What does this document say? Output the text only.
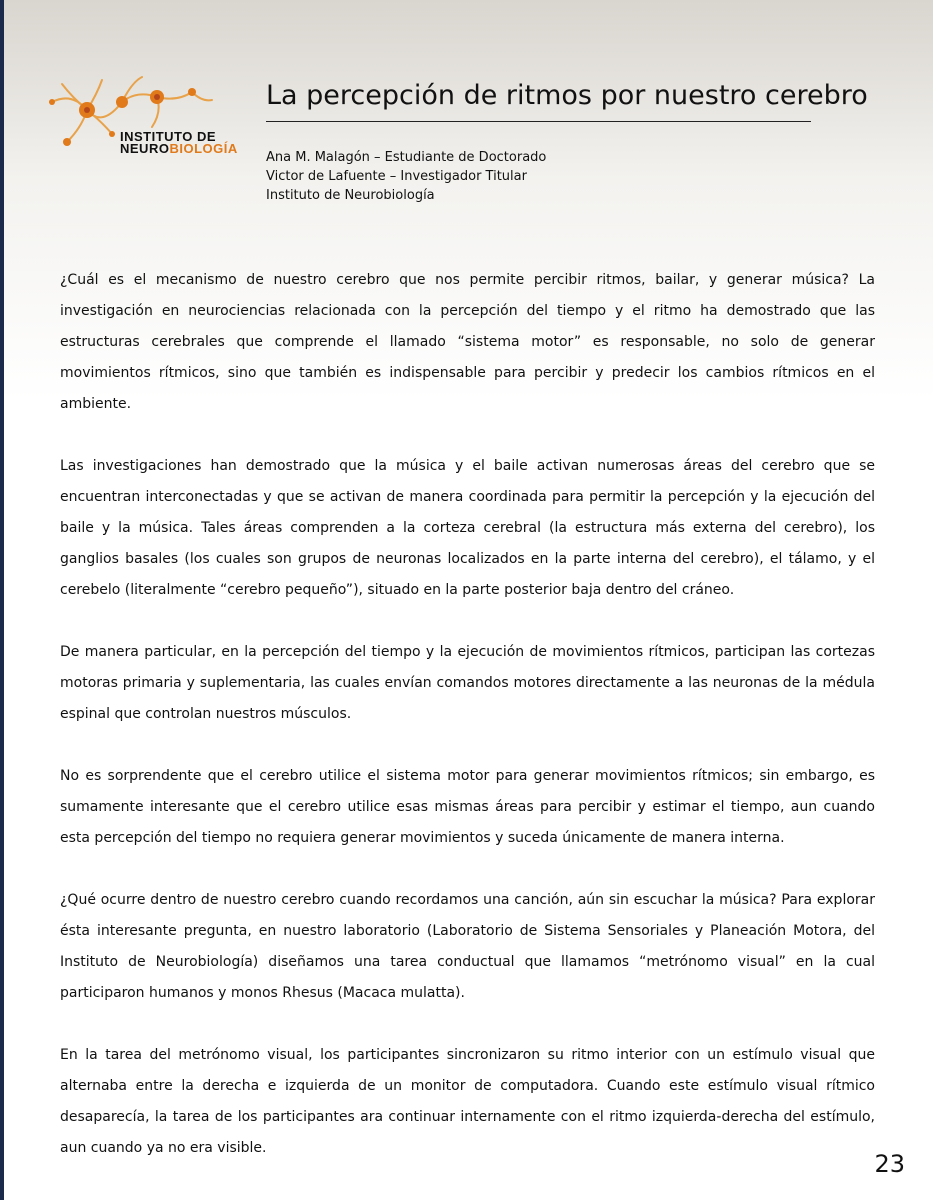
INSTITUTO DE
NEUROBIOLOGÍA
La percepción de ritmos por nuestro cerebro
Ana M. Malagón – Estudiante de Doctorado
Victor de Lafuente – Investigador Titular
Instituto de Neurobiología

¿Cuál es el mecanismo de nuestro cerebro que nos permite percibir ritmos, bailar, y generar música? La investigación en neurociencias relacionada con la percepción del tiempo y el ritmo ha demostrado que las estructuras cerebrales que comprende el llamado “sistema motor” es responsable, no solo de generar movimientos rítmicos, sino que también es indispensable para percibir y predecir los cambios rítmicos en el ambiente.

Las investigaciones han demostrado que la música y el baile activan numerosas áreas del cerebro que se encuentran interconectadas y que se activan de manera coordinada para permitir la percepción y la ejecución del baile y la música. Tales áreas comprenden a la corteza cerebral (la estructura más externa del cerebro), los ganglios basales (los cuales son grupos de neuronas localizados en la parte interna del cerebro), el tálamo, y el cerebelo (literalmente “cerebro pequeño”), situado en la parte posterior baja dentro del cráneo.

De manera particular, en la percepción del tiempo y la ejecución de movimientos rítmicos, participan las cortezas motoras primaria y suplementaria, las cuales envían comandos motores directamente a las neuronas de la médula espinal que controlan nuestros músculos.

No es sorprendente que el cerebro utilice el sistema motor para generar movimientos rítmicos; sin embargo, es sumamente interesante que el cerebro utilice esas mismas áreas para percibir y estimar el tiempo, aun cuando esta percepción del tiempo no requiera generar movimientos y suceda únicamente de manera interna.

¿Qué ocurre dentro de nuestro cerebro cuando recordamos una canción, aún sin escuchar la música? Para explorar ésta interesante pregunta, en nuestro laboratorio (Laboratorio de Sistema Sensoriales y Planeación Motora, del Instituto de Neurobiología) diseñamos una tarea conductual que llamamos “metrónomo visual” en la cual participaron humanos y monos Rhesus (Macaca mulatta).

En la tarea del metrónomo visual, los participantes sincronizaron su ritmo interior con un estímulo visual que alternaba entre la derecha e izquierda de un monitor de computadora. Cuando este estímulo visual rítmico desaparecía, la tarea de los participantes ara continuar internamente con el ritmo izquierda-derecha del estímulo, aun cuando ya no era visible.

23
